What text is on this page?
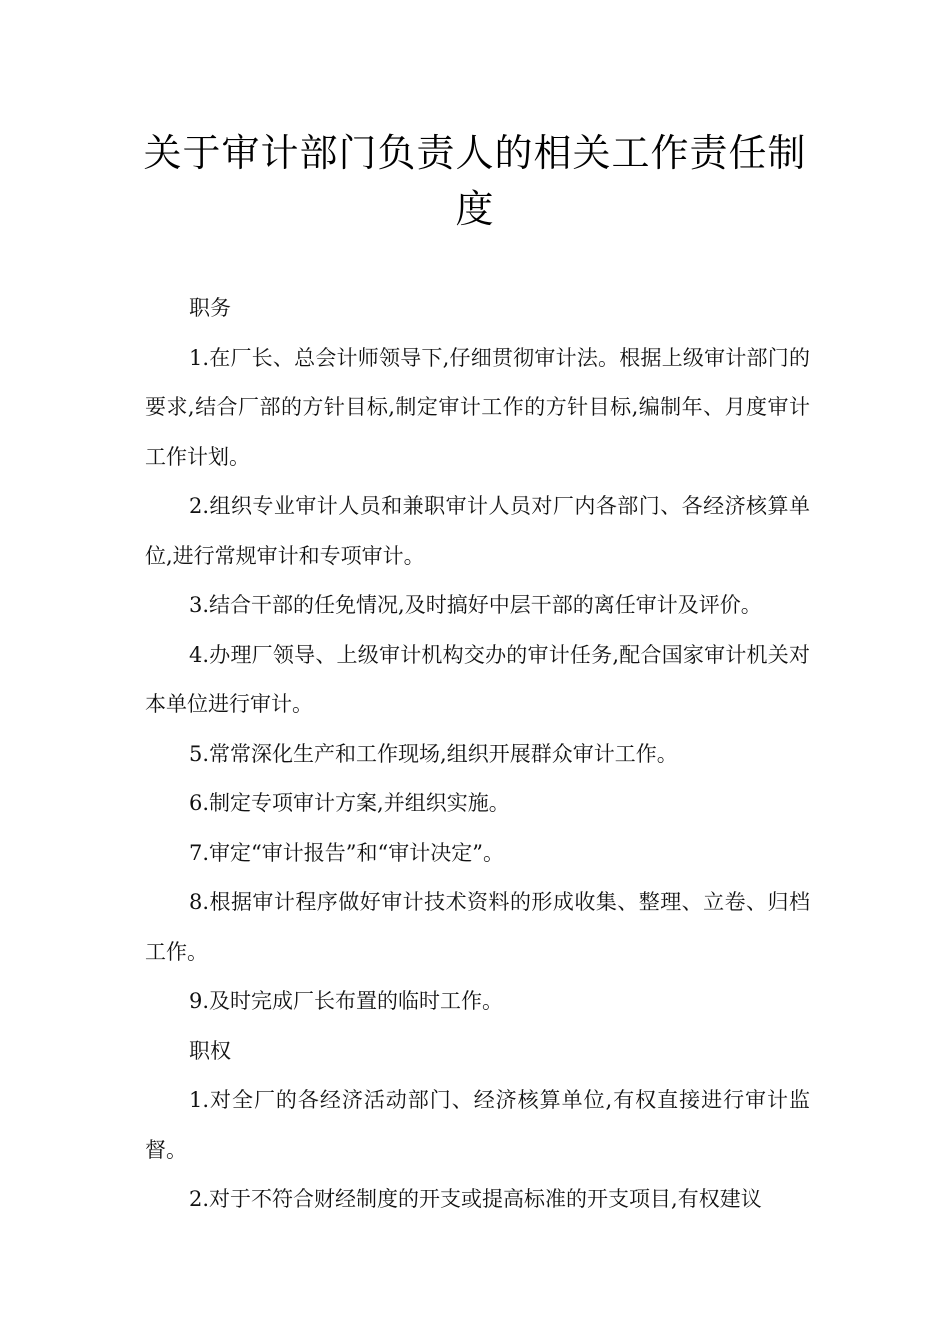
关于审计部门负责人的相关工作责任制度

职务

1.在厂长、总会计师领导下,仔细贯彻审计法。根据上级审计部门的要求,结合厂部的方针目标,制定审计工作的方针目标,编制年、月度审计工作计划。

2.组织专业审计人员和兼职审计人员对厂内各部门、各经济核算单位,进行常规审计和专项审计。

3.结合干部的任免情况,及时搞好中层干部的离任审计及评价。

4.办理厂领导、上级审计机构交办的审计任务,配合国家审计机关对本单位进行审计。

5.常常深化生产和工作现场,组织开展群众审计工作。

6.制定专项审计方案,并组织实施。

7.审定“审计报告”和“审计决定”。

8.根据审计程序做好审计技术资料的形成收集、整理、立卷、归档工作。

9.及时完成厂长布置的临时工作。

职权

1.对全厂的各经济活动部门、经济核算单位,有权直接进行审计监督。

2.对于不符合财经制度的开支或提高标准的开支项目,有权建议
